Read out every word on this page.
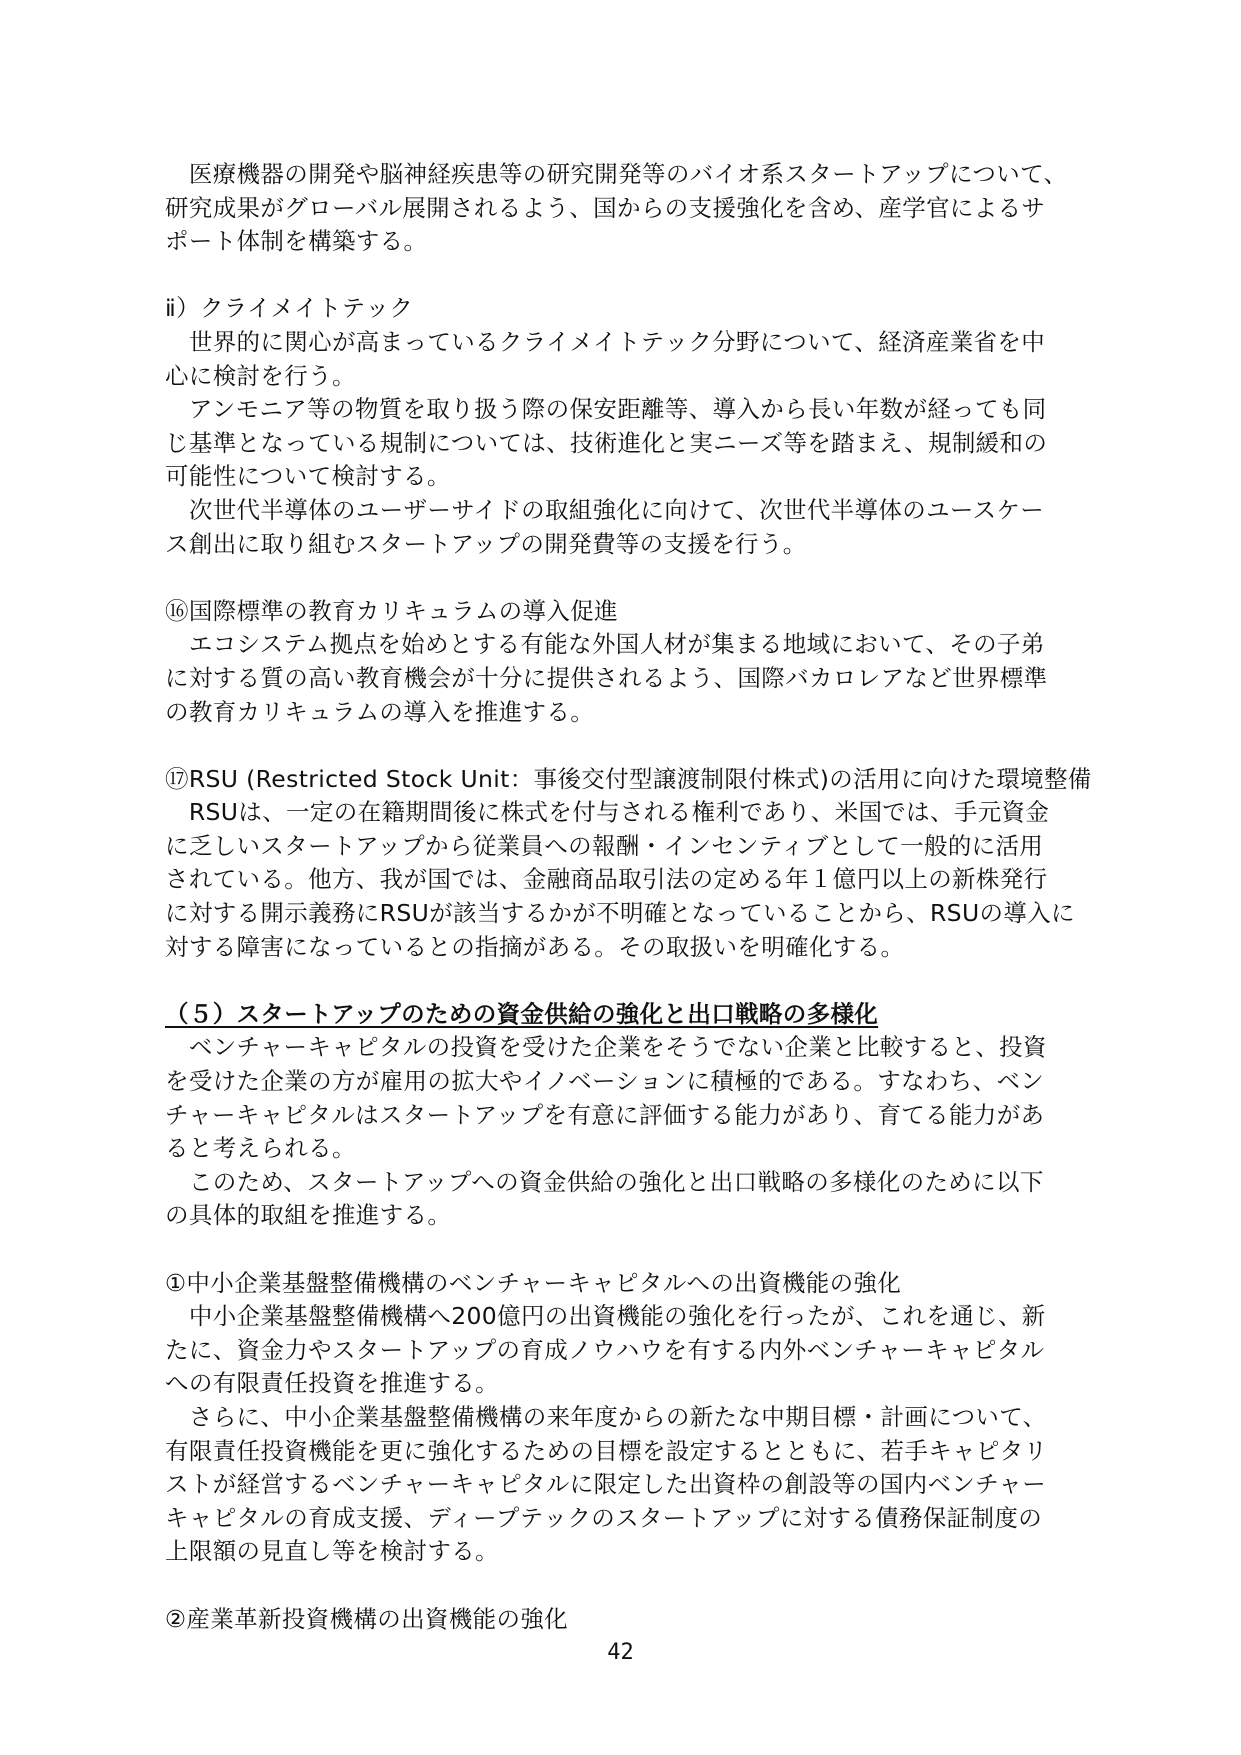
　医療機器の開発や脳神経疾患等の研究開発等のバイオ系スタートアップについて、
研究成果がグローバル展開されるよう、国からの支援強化を含め、産学官によるサ
ポート体制を構築する。
ⅱ）クライメイトテック
　世界的に関心が高まっているクライメイトテック分野について、経済産業省を中
心に検討を行う。
　アンモニア等の物質を取り扱う際の保安距離等、導入から長い年数が経っても同
じ基準となっている規制については、技術進化と実ニーズ等を踏まえ、規制緩和の
可能性について検討する。
　次世代半導体のユーザーサイドの取組強化に向けて、次世代半導体のユースケー
ス創出に取り組むスタートアップの開発費等の支援を行う。
⑯国際標準の教育カリキュラムの導入促進
　エコシステム拠点を始めとする有能な外国人材が集まる地域において、その子弟
に対する質の高い教育機会が十分に提供されるよう、国際バカロレアなど世界標準
の教育カリキュラムの導入を推進する。
⑰RSU (Restricted Stock Unit：事後交付型譲渡制限付株式)の活用に向けた環境整備
　RSUは、一定の在籍期間後に株式を付与される権利であり、米国では、手元資金
に乏しいスタートアップから従業員への報酬・インセンティブとして一般的に活用
されている。他方、我が国では、金融商品取引法の定める年１億円以上の新株発行
に対する開示義務にRSUが該当するかが不明確となっていることから、RSUの導入に
対する障害になっているとの指摘がある。その取扱いを明確化する。
（５）スタートアップのための資金供給の強化と出口戦略の多様化
　ベンチャーキャピタルの投資を受けた企業をそうでない企業と比較すると、投資
を受けた企業の方が雇用の拡大やイノベーションに積極的である。すなわち、ベン
チャーキャピタルはスタートアップを有意に評価する能力があり、育てる能力があ
ると考えられる。
　このため、スタートアップへの資金供給の強化と出口戦略の多様化のために以下
の具体的取組を推進する。
①中小企業基盤整備機構のベンチャーキャピタルへの出資機能の強化
　中小企業基盤整備機構へ200億円の出資機能の強化を行ったが、これを通じ、新
たに、資金力やスタートアップの育成ノウハウを有する内外ベンチャーキャピタル
への有限責任投資を推進する。
　さらに、中小企業基盤整備機構の来年度からの新たな中期目標・計画について、
有限責任投資機能を更に強化するための目標を設定するとともに、若手キャピタリ
ストが経営するベンチャーキャピタルに限定した出資枠の創設等の国内ベンチャー
キャピタルの育成支援、ディープテックのスタートアップに対する債務保証制度の
上限額の見直し等を検討する。
②産業革新投資機構の出資機能の強化
42
